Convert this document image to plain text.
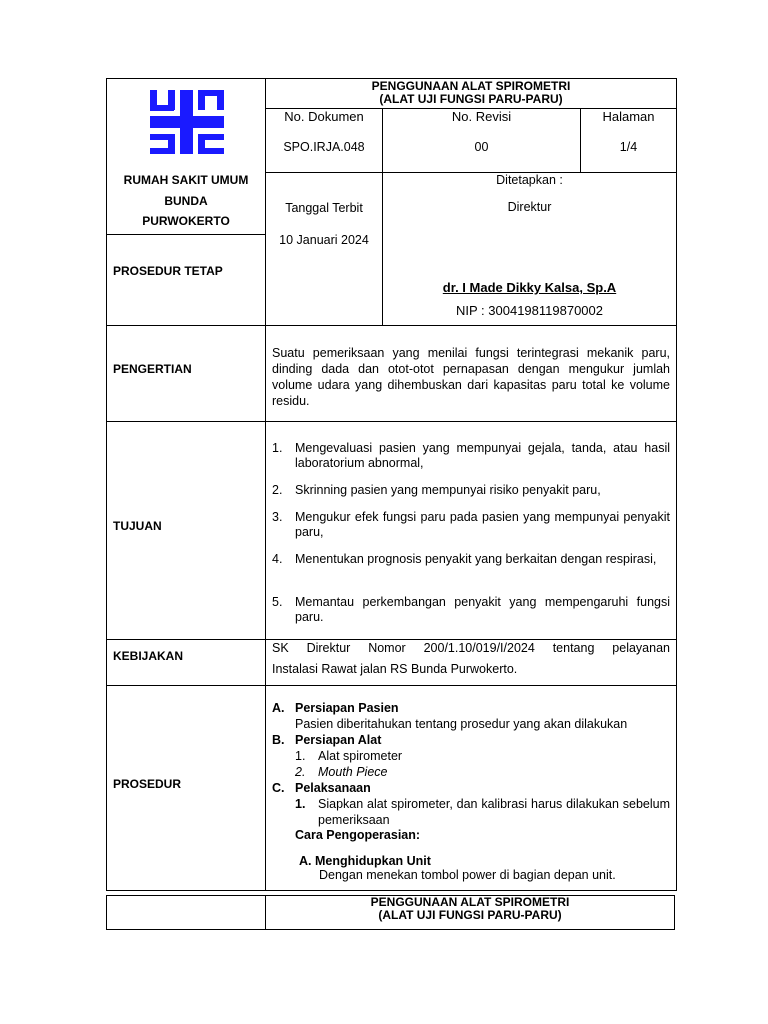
PENGGUNAAN ALAT SPIROMETRI
(ALAT UJI FUNGSI PARU-PARU)
No. Dokumen
SPO.IRJA.048
No. Revisi
00
Halaman
1/4
RUMAH SAKIT UMUM
BUNDA
PURWOKERTO
PROSEDUR TETAP
Tanggal Terbit
10 Januari 2024
Ditetapkan :
Direktur
dr. I Made Dikky Kalsa, Sp.A
NIP : 3004198119870002
PENGERTIAN
Suatu pemeriksaan yang menilai fungsi terintegrasi mekanik paru, dinding dada dan otot-otot pernapasan dengan mengukur jumlah volume udara yang dihembuskan dari kapasitas paru total ke volume residu.
TUJUAN
1. Mengevaluasi pasien yang mempunyai gejala, tanda, atau hasil laboratorium abnormal,
2. Skrinning pasien yang mempunyai risiko penyakit paru,
3. Mengukur efek fungsi paru pada pasien yang mempunyai penyakit paru,
4. Menentukan prognosis penyakit yang berkaitan dengan respirasi,
5. Memantau perkembangan penyakit yang mempengaruhi fungsi paru.
KEBIJAKAN
SK Direktur Nomor 200/1.10/019/I/2024 tentang pelayanan
Instalasi Rawat jalan RS Bunda Purwokerto.
PROSEDUR
A. Persiapan Pasien
Pasien diberitahukan tentang prosedur yang akan dilakukan
B. Persiapan Alat
1. Alat spirometer
2. Mouth Piece
C. Pelaksanaan
1. Siapkan alat spirometer, dan kalibrasi harus dilakukan sebelum pemeriksaan
Cara Pengoperasian:
A. Menghidupkan Unit
Dengan menekan tombol power di bagian depan unit.
PENGGUNAAN ALAT SPIROMETRI
(ALAT UJI FUNGSI PARU-PARU)
